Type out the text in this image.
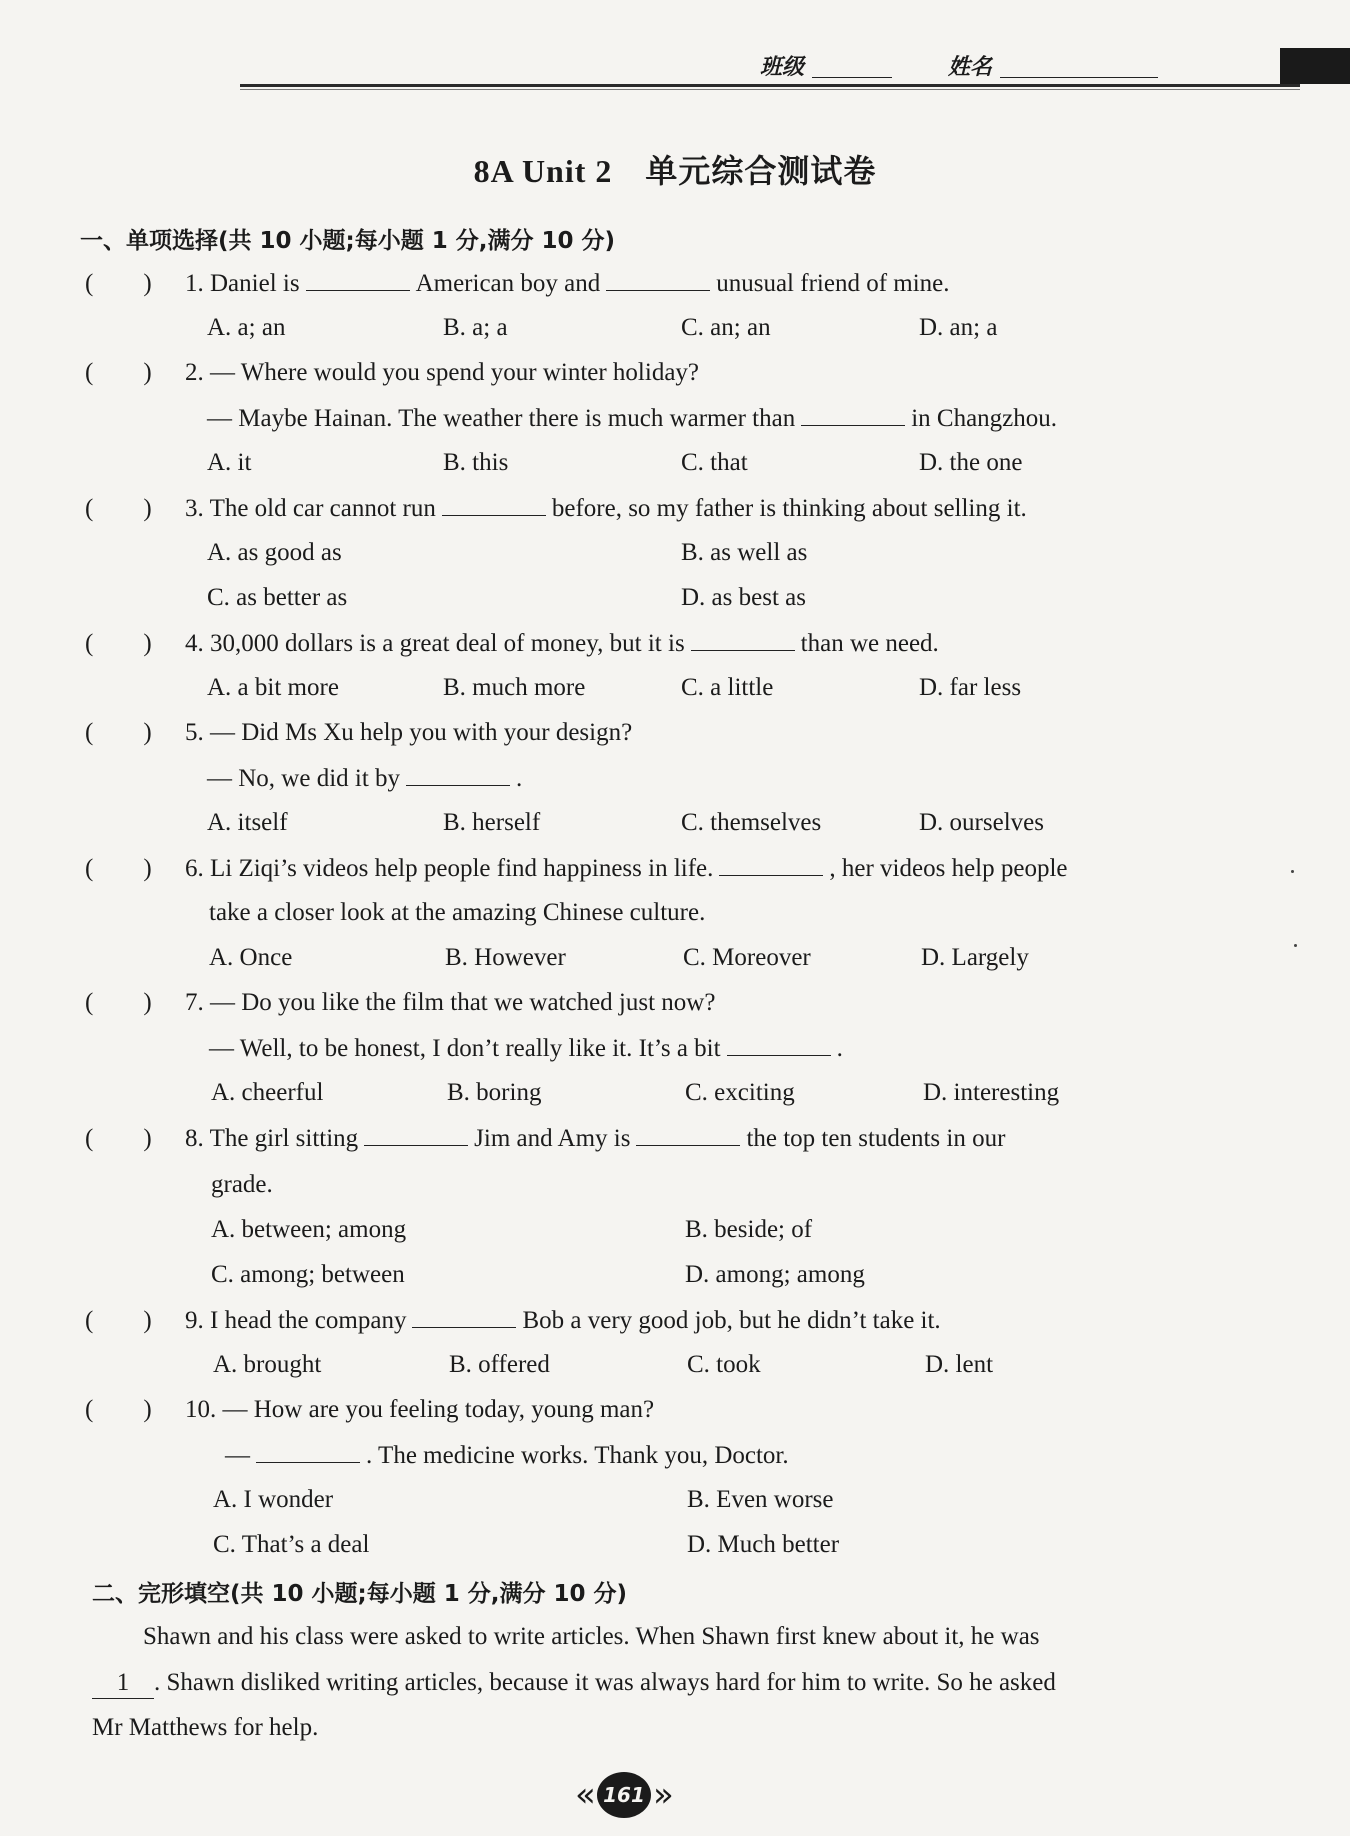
班级	姓名
8A Unit 2　单元综合测试卷
一、单项选择(共 10 小题;每小题 1 分,满分 10 分)
(　　) 1. Daniel is	American boy and	unusual friend of mine.
A. a; an	B. a; a	C. an; an	D. an; a
(　　) 2. — Where would you spend your winter holiday?
— Maybe Hainan. The weather there is much warmer than	in Changzhou.
A. it	B. this	C. that	D. the one
(　　) 3. The old car cannot run	before, so my father is thinking about selling it.
A. as good as	B. as well as
C. as better as	D. as best as
(　　) 4. 30,000 dollars is a great deal of money, but it is	than we need.
A. a bit more	B. much more	C. a little	D. far less
(　　) 5. — Did Ms Xu help you with your design?
— No, we did it by	.
A. itself	B. herself	C. themselves	D. ourselves
(　　) 6. Li Ziqi’s videos help people find happiness in life.	, her videos help people
take a closer look at the amazing Chinese culture.
A. Once	B. However	C. Moreover	D. Largely
(　　) 7. — Do you like the film that we watched just now?
— Well, to be honest, I don’t really like it. It’s a bit	.
A. cheerful	B. boring	C. exciting	D. interesting
(　　) 8. The girl sitting	Jim and Amy is	the top ten students in our
grade.
A. between; among	B. beside; of
C. among; between	D. among; among
(　　) 9. I head the company	Bob a very good job, but he didn’t take it.
A. brought	B. offered	C. took	D. lent
(　　) 10. — How are you feeling today, young man?
—	. The medicine works. Thank you, Doctor.
A. I wonder	B. Even worse
C. That’s a deal	D. Much better
二、完形填空(共 10 小题;每小题 1 分,满分 10 分)
Shawn and his class were asked to write articles. When Shawn first knew about it, he was
1 . Shawn disliked writing articles, because it was always hard for him to write. So he asked
Mr Matthews for help.
« 161 »
